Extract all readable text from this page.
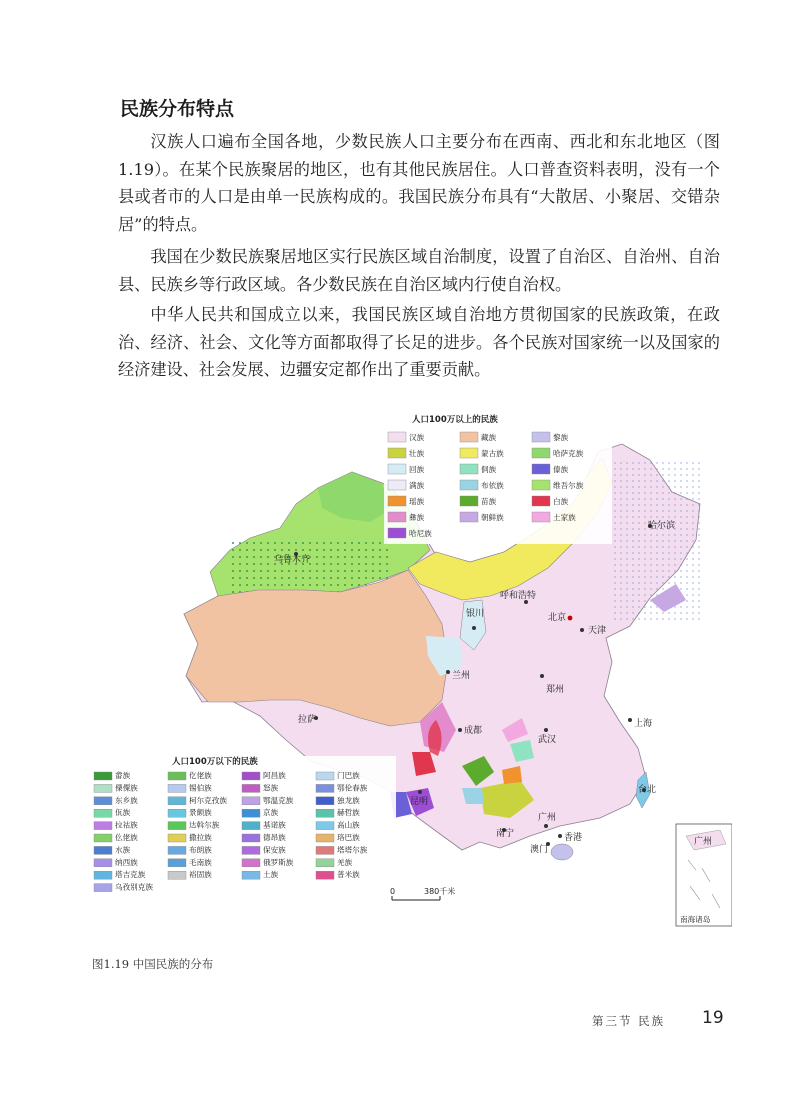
民族分布特点

汉族人口遍布全国各地，少数民族人口主要分布在西南、西北和东北地区（图1.19）。在某个民族聚居的地区，也有其他民族居住。人口普查资料表明，没有一个县或者市的人口是由单一民族构成的。我国民族分布具有“大散居、小聚居、交错杂居”的特点。

我国在少数民族聚居地区实行民族区域自治制度，设置了自治区、自治州、自治县、民族乡等行政区域。各少数民族在自治区域内行使自治权。

中华人民共和国成立以来，我国民族区域自治地方贯彻国家的民族政策，在政治、经济、社会、文化等方面都取得了长足的进步。各个民族对国家统一以及国家的经济建设、社会发展、边疆安定都作出了重要贡献。

人口100万以上的民族
汉族	藏族	黎族
壮族	蒙古族	哈萨克族
回族	侗族	傣族
满族	布依族	维吾尔族
瑶族	苗族	白族
彝族	朝鲜族	土家族
哈尼族
人口100万以下的民族
畲族	仡佬族	阿昌族	门巴族
傈僳族	锡伯族	怒族	鄂伦春族
东乡族	柯尔克孜族	鄂温克族	独龙族
佤族	景颇族	京族	赫哲族
拉祜族	达斡尔族	基诺族	高山族
仫佬族	撒拉族	德昂族	珞巴族
水族	布朗族	保安族	塔塔尔族
纳西族	毛南族	俄罗斯族	羌族
塔吉克族	裕固族	土族	普米族
乌孜别克族
乌鲁木齐
哈尔滨
呼和浩特
银川	北京
天津
兰州
郑州
拉萨
成都
武汉
上海
昆明
广州
台北
南宁	香港
澳门
广州
南海诸岛
0	380千米
图1.19 中国民族的分布
第三节 民族 19
